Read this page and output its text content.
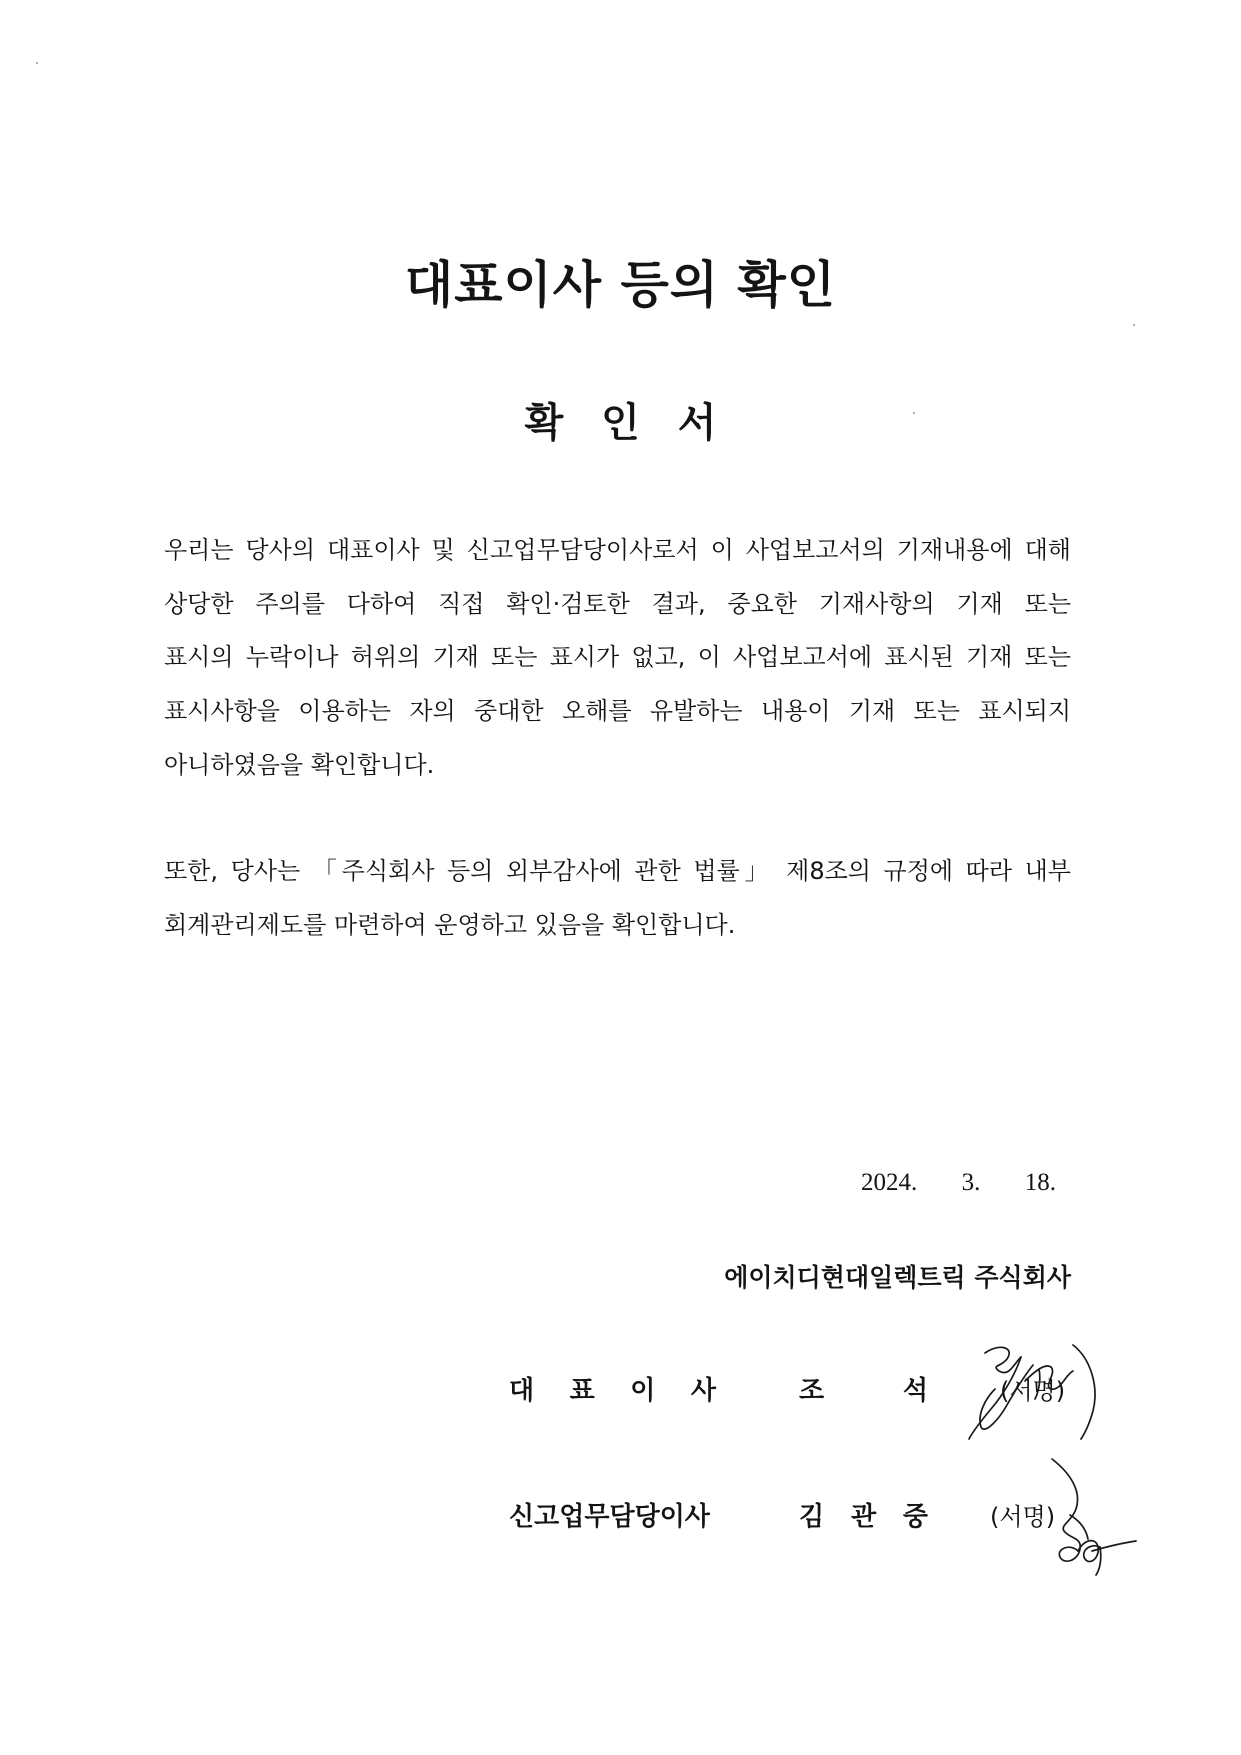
대표이사 등의 확인
확 인 서
우리는 당사의 대표이사 및 신고업무담당이사로서 이 사업보고서의 기재내용에 대해
상당한 주의를 다하여 직접 확인·검토한 결과, 중요한 기재사항의 기재 또는
표시의 누락이나 허위의 기재 또는 표시가 없고, 이 사업보고서에 표시된 기재 또는
표시사항을 이용하는 자의 중대한 오해를 유발하는 내용이 기재 또는 표시되지
아니하였음을 확인합니다.
또한, 당사는 「주식회사 등의 외부감사에 관한 법률」 제8조의 규정에 따라 내부
회계관리제도를 마련하여 운영하고 있음을 확인합니다.
2024. 3. 18.
에이치디현대일렉트릭 주식회사
대 표 이 사	조 석	(서명)
신고업무담당이사	김 관 중	(서명)
